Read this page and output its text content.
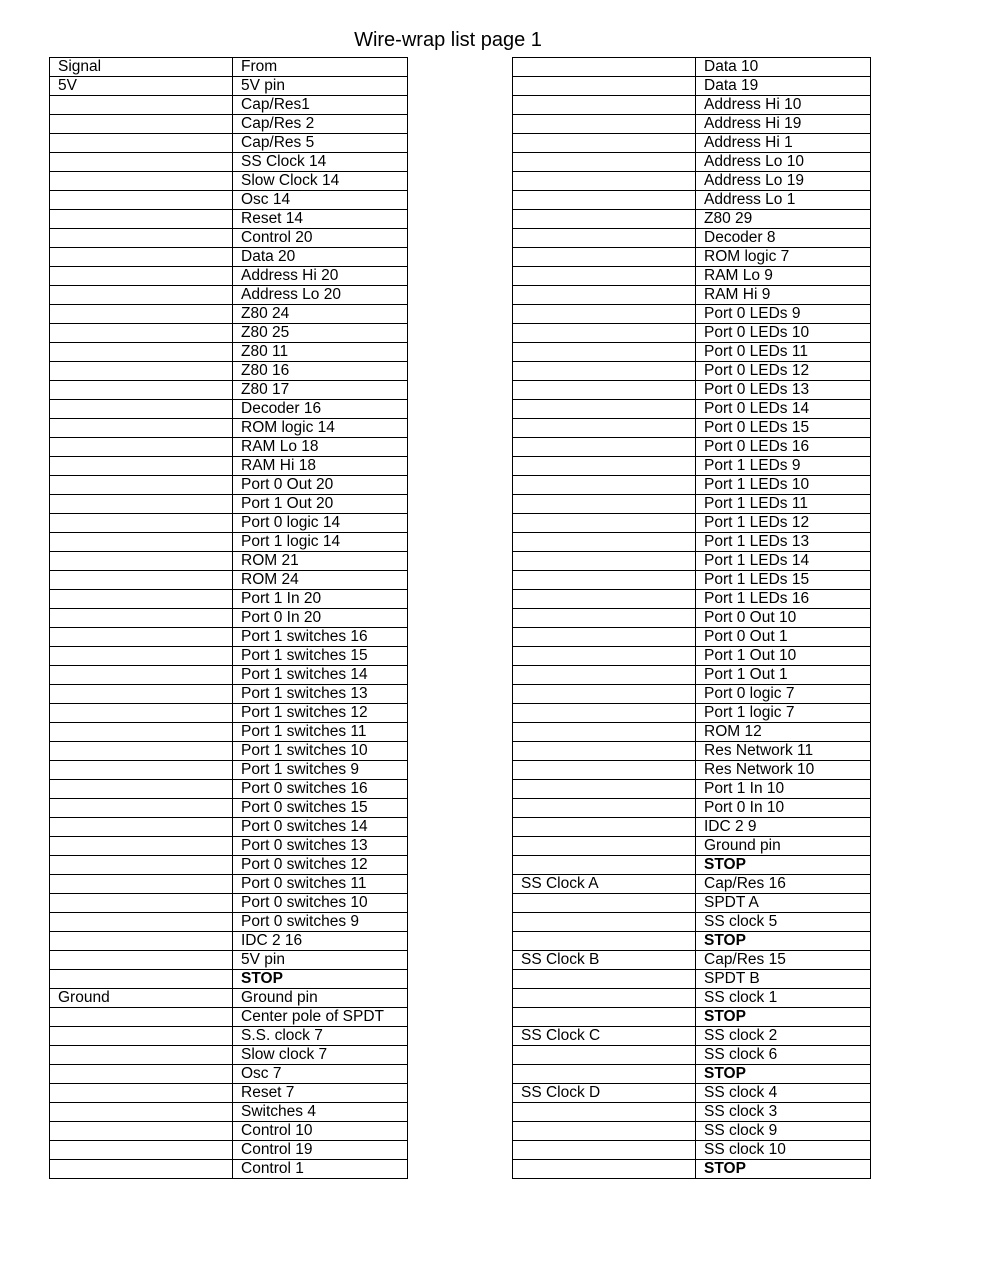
Wire-wrap list page 1
Signal	From
5V	5V pin
	Cap/Res1
	Cap/Res 2
	Cap/Res 5
	SS Clock 14
	Slow Clock 14
	Osc 14
	Reset 14
	Control 20
	Data 20
	Address Hi 20
	Address Lo 20
	Z80 24
	Z80 25
	Z80 11
	Z80 16
	Z80 17
	Decoder 16
	ROM logic 14
	RAM Lo 18
	RAM Hi 18
	Port 0 Out 20
	Port 1 Out 20
	Port 0 logic 14
	Port 1 logic 14
	ROM 21
	ROM 24
	Port 1 In 20
	Port 0 In 20
	Port 1 switches 16
	Port 1 switches 15
	Port 1 switches 14
	Port 1 switches 13
	Port 1 switches 12
	Port 1 switches 11
	Port 1 switches 10
	Port 1 switches 9
	Port 0 switches 16
	Port 0 switches 15
	Port 0 switches 14
	Port 0 switches 13
	Port 0 switches 12
	Port 0 switches 11
	Port 0 switches 10
	Port 0 switches 9
	IDC 2 16
	5V pin
	STOP
Ground	Ground pin
	Center pole of SPDT
	S.S. clock 7
	Slow clock 7
	Osc 7
	Reset 7
	Switches 4
	Control 10
	Control 19
	Control 1
	Data 10
	Data 19
	Address Hi 10
	Address Hi 19
	Address Hi 1
	Address Lo 10
	Address Lo 19
	Address Lo 1
	Z80 29
	Decoder 8
	ROM logic 7
	RAM Lo 9
	RAM Hi 9
	Port 0 LEDs 9
	Port 0 LEDs 10
	Port 0 LEDs 11
	Port 0 LEDs 12
	Port 0 LEDs 13
	Port 0 LEDs 14
	Port 0 LEDs 15
	Port 0 LEDs 16
	Port 1 LEDs 9
	Port 1 LEDs 10
	Port 1 LEDs 11
	Port 1 LEDs 12
	Port 1 LEDs 13
	Port 1 LEDs 14
	Port 1 LEDs 15
	Port 1 LEDs 16
	Port 0 Out 10
	Port 0 Out 1
	Port 1 Out 10
	Port 1 Out 1
	Port 0 logic 7
	Port 1 logic 7
	ROM 12
	Res Network 11
	Res Network 10
	Port 1 In 10
	Port 0 In 10
	IDC 2 9
	Ground pin
	STOP
SS Clock A	Cap/Res 16
	SPDT A
	SS clock 5
	STOP
SS Clock B	Cap/Res 15
	SPDT B
	SS clock 1
	STOP
SS Clock C	SS clock 2
	SS clock 6
	STOP
SS Clock D	SS clock 4
	SS clock 3
	SS clock 9
	SS clock 10
	STOP
